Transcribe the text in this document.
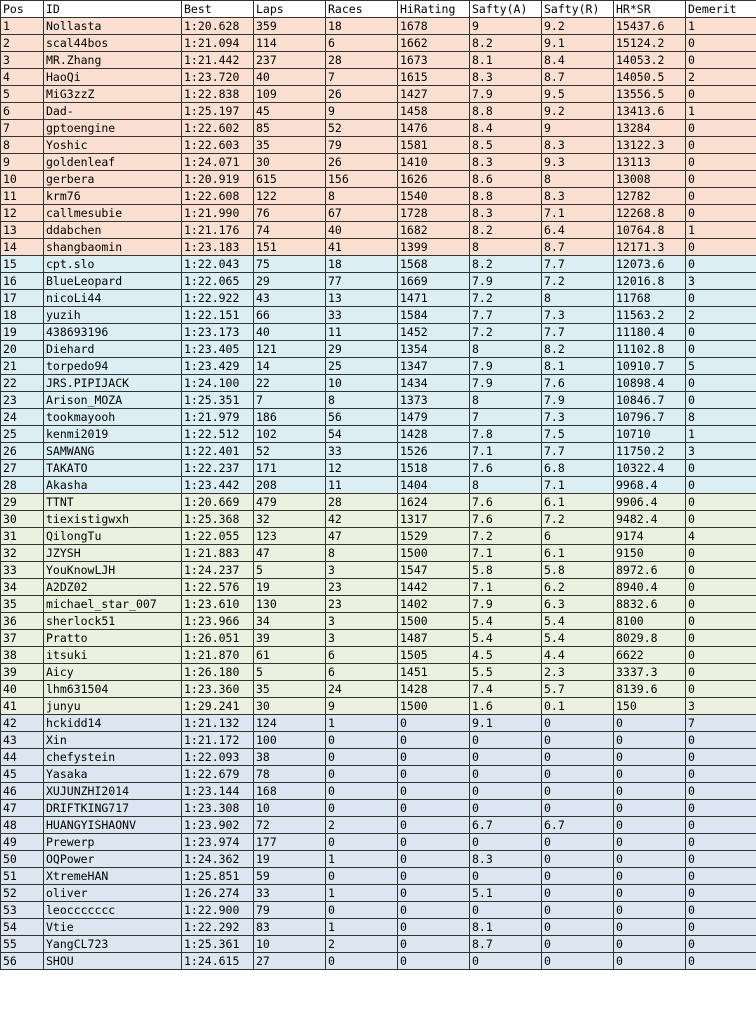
Pos	ID	Best	Laps	Races	HiRating	Safty(A)	Safty(R)	HR*SR	Demerit
1	Nollasta	1:20.628	359	18	1678	9	9.2	15437.6	1
2	scal44bos	1:21.094	114	6	1662	8.2	9.1	15124.2	0
3	MR.Zhang	1:21.442	237	28	1673	8.1	8.4	14053.2	0
4	HaoQi	1:23.720	40	7	1615	8.3	8.7	14050.5	2
5	MiG3zzZ	1:22.838	109	26	1427	7.9	9.5	13556.5	0
6	Dad-	1:25.197	45	9	1458	8.8	9.2	13413.6	1
7	gptoengine	1:22.602	85	52	1476	8.4	9	13284	0
8	Yoshic	1:22.603	35	79	1581	8.5	8.3	13122.3	0
9	goldenleaf	1:24.071	30	26	1410	8.3	9.3	13113	0
10	gerbera	1:20.919	615	156	1626	8.6	8	13008	0
11	krm76	1:22.608	122	8	1540	8.8	8.3	12782	0
12	callmesubie	1:21.990	76	67	1728	8.3	7.1	12268.8	0
13	ddabchen	1:21.176	74	40	1682	8.2	6.4	10764.8	1
14	shangbaomin	1:23.183	151	41	1399	8	8.7	12171.3	0
15	cpt.slo	1:22.043	75	18	1568	8.2	7.7	12073.6	0
16	BlueLeopard	1:22.065	29	77	1669	7.9	7.2	12016.8	3
17	nicoLi44	1:22.922	43	13	1471	7.2	8	11768	0
18	yuzih	1:22.151	66	33	1584	7.7	7.3	11563.2	2
19	438693196	1:23.173	40	11	1452	7.2	7.7	11180.4	0
20	Diehard	1:23.405	121	29	1354	8	8.2	11102.8	0
21	torpedo94	1:23.429	14	25	1347	7.9	8.1	10910.7	5
22	JRS.PIPIJACK	1:24.100	22	10	1434	7.9	7.6	10898.4	0
23	Arison_MOZA	1:25.351	7	8	1373	8	7.9	10846.7	0
24	tookmayooh	1:21.979	186	56	1479	7	7.3	10796.7	8
25	kenmi2019	1:22.512	102	54	1428	7.8	7.5	10710	1
26	SAMWANG	1:22.401	52	33	1526	7.1	7.7	11750.2	3
27	TAKATO	1:22.237	171	12	1518	7.6	6.8	10322.4	0
28	Akasha	1:23.442	208	11	1404	8	7.1	9968.4	0
29	TTNT	1:20.669	479	28	1624	7.6	6.1	9906.4	0
30	tiexistigwxh	1:25.368	32	42	1317	7.6	7.2	9482.4	0
31	QilongTu	1:22.055	123	47	1529	7.2	6	9174	4
32	JZYSH	1:21.883	47	8	1500	7.1	6.1	9150	0
33	YouKnowLJH	1:24.237	5	3	1547	5.8	5.8	8972.6	0
34	A2DZ02	1:22.576	19	23	1442	7.1	6.2	8940.4	0
35	michael_star_007	1:23.610	130	23	1402	7.9	6.3	8832.6	0
36	sherlock51	1:23.966	34	3	1500	5.4	5.4	8100	0
37	Pratto	1:26.051	39	3	1487	5.4	5.4	8029.8	0
38	itsuki	1:21.870	61	6	1505	4.5	4.4	6622	0
39	Aicy	1:26.180	5	6	1451	5.5	2.3	3337.3	0
40	lhm631504	1:23.360	35	24	1428	7.4	5.7	8139.6	0
41	junyu	1:29.241	30	9	1500	1.6	0.1	150	3
42	hckidd14	1:21.132	124	1	0	9.1	0	0	7
43	Xin	1:21.172	100	0	0	0	0	0	0
44	chefystein	1:22.093	38	0	0	0	0	0	0
45	Yasaka	1:22.679	78	0	0	0	0	0	0
46	XUJUNZHI2014	1:23.144	168	0	0	0	0	0	0
47	DRIFTKING717	1:23.308	10	0	0	0	0	0	0
48	HUANGYISHAONV	1:23.902	72	2	0	6.7	6.7	0	0
49	Prewerp	1:23.974	177	0	0	0	0	0	0
50	OQPower	1:24.362	19	1	0	8.3	0	0	0
51	XtremeHAN	1:25.851	59	0	0	0	0	0	0
52	oliver	1:26.274	33	1	0	5.1	0	0	0
53	leoccccccc	1:22.900	79	0	0	0	0	0	0
54	Vtie	1:22.292	83	1	0	8.1	0	0	0
55	YangCL723	1:25.361	10	2	0	8.7	0	0	0
56	SHOU	1:24.615	27	0	0	0	0	0	0
